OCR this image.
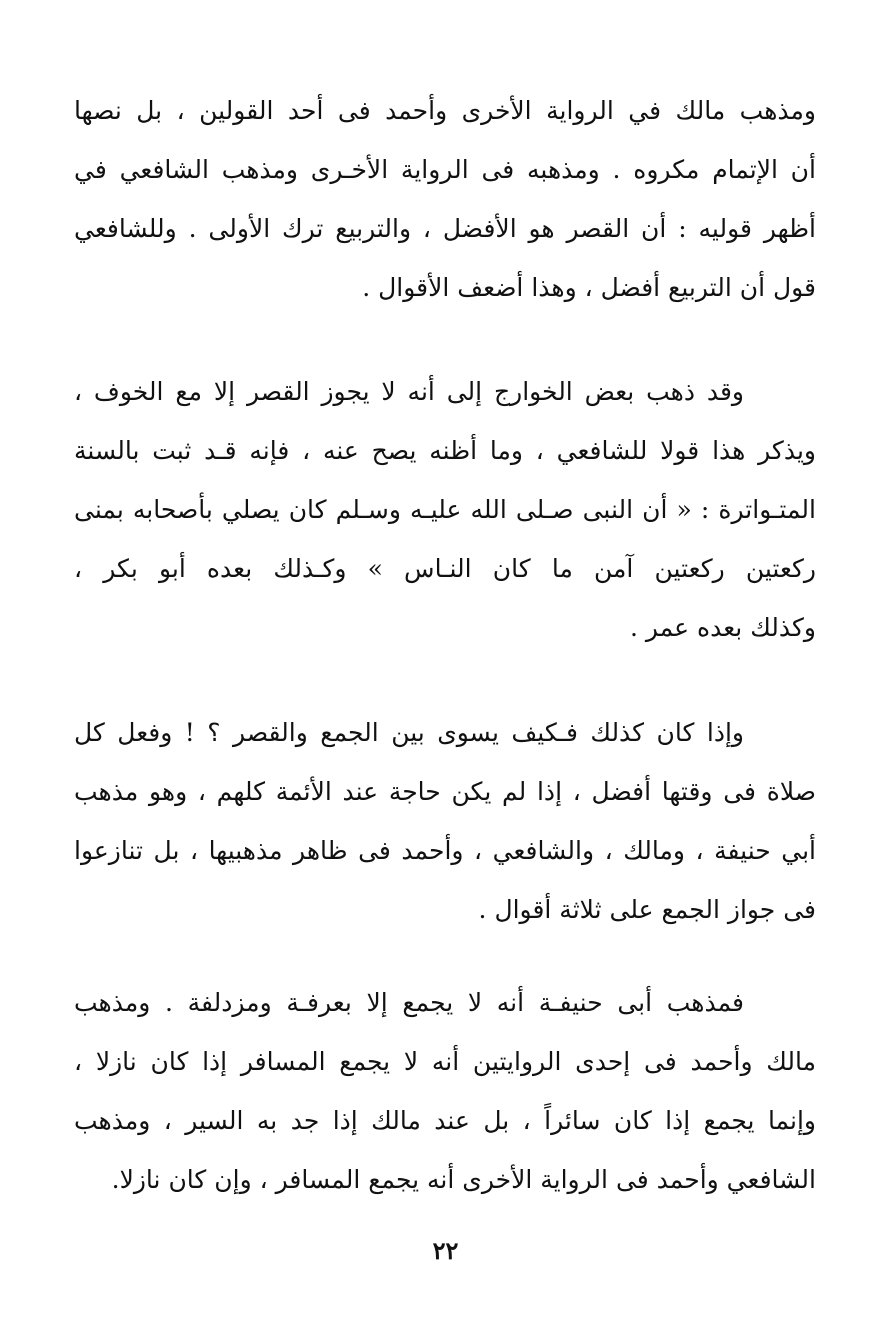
ومذهب مالك في الرواية الأخرى وأحمد فى أحد القولين ، بل نصها
أن الإتمام مكروه . ومذهبه فى الرواية الأخـرى ومذهب الشافعي في
أظهر قوليه : أن القصر هو الأفضل ، والتربيع ترك الأولى . وللشافعي
قول أن التربيع أفضل ، وهذا أضعف الأقوال .
وقد ذهب بعض الخوارج إلى أنه لا يجوز القصر إلا مع الخوف ،
ويذكر هذا قولا للشافعي ، وما أظنه يصح عنه ، فإنه قـد ثبت بالسنة
المتـواترة : « أن النبى صـلى الله عليـه وسـلم كان يصلي بأصحابه بمنى
ركعتين ركعتين آمن ما كان النـاس » وكـذلك بعده أبو بكر ،
وكذلك بعده عمر .
وإذا كان كذلك فـكيف يسوى بين الجمع والقصر ؟ ! وفعل كل
صلاة فى وقتها أفضل ، إذا لم يكن حاجة عند الأئمة كلهم ، وهو مذهب
أبي حنيفة ، ومالك ، والشافعي ، وأحمد فى ظاهر مذهبيها ، بل تنازعوا
فى جواز الجمع على ثلاثة أقوال .
فمذهب أبى حنيفـة أنه لا يجمع إلا بعرفـة ومزدلفة . ومذهب
مالك وأحمد فى إحدى الروايتين أنه لا يجمع المسافر إذا كان نازلا ،
وإنما يجمع إذا كان سائراً ، بل عند مالك إذا جد به السير ، ومذهب
الشافعي وأحمد فى الرواية الأخرى أنه يجمع المسافر ، وإن كان نازلا.
٢٢
